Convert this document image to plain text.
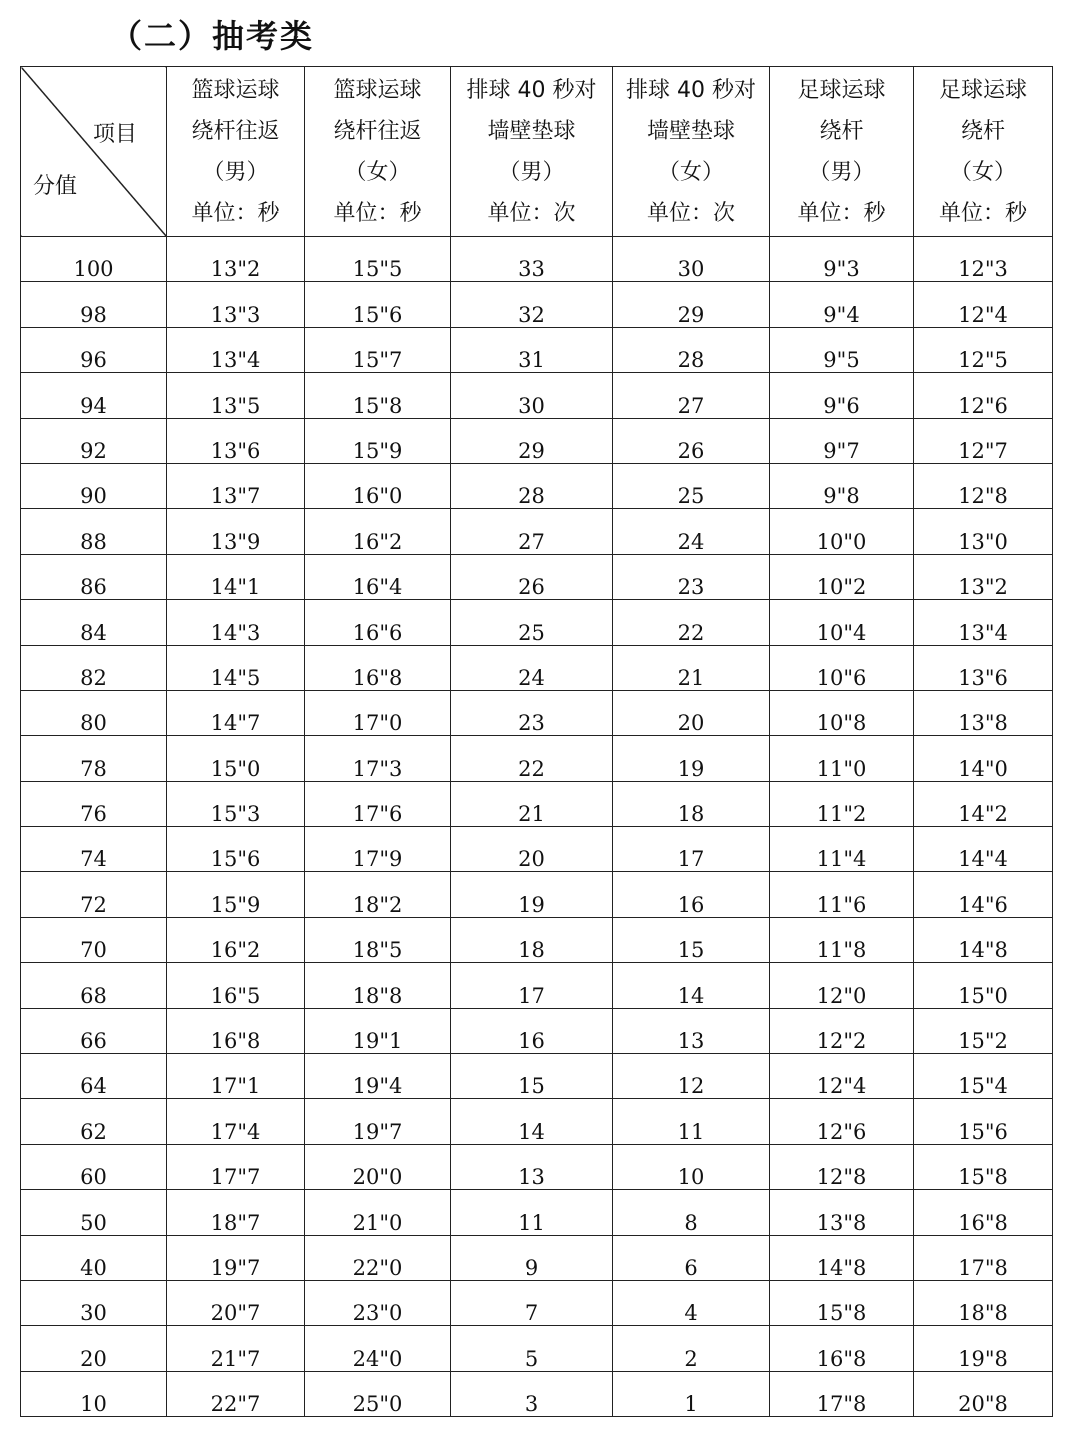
（二）抽考类
项目
分值	篮球运球
绕杆往返
（男）
单位：秒	篮球运球
绕杆往返
（女）
单位：秒	排球 40 秒对
墙壁垫球
（男）
单位：次	排球 40 秒对
墙壁垫球
（女）
单位：次	足球运球
绕杆
（男）
单位：秒	足球运球
绕杆
（女）
单位：秒

100	13"2	15"5	33	30	9"3	12"3
98	13"3	15"6	32	29	9"4	12"4
96	13"4	15"7	31	28	9"5	12"5
94	13"5	15"8	30	27	9"6	12"6
92	13"6	15"9	29	26	9"7	12"7
90	13"7	16"0	28	25	9"8	12"8
88	13"9	16"2	27	24	10"0	13"0
86	14"1	16"4	26	23	10"2	13"2
84	14"3	16"6	25	22	10"4	13"4
82	14"5	16"8	24	21	10"6	13"6
80	14"7	17"0	23	20	10"8	13"8
78	15"0	17"3	22	19	11"0	14"0
76	15"3	17"6	21	18	11"2	14"2
74	15"6	17"9	20	17	11"4	14"4
72	15"9	18"2	19	16	11"6	14"6
70	16"2	18"5	18	15	11"8	14"8
68	16"5	18"8	17	14	12"0	15"0
66	16"8	19"1	16	13	12"2	15"2
64	17"1	19"4	15	12	12"4	15"4
62	17"4	19"7	14	11	12"6	15"6
60	17"7	20"0	13	10	12"8	15"8
50	18"7	21"0	11	8	13"8	16"8
40	19"7	22"0	9	6	14"8	17"8
30	20"7	23"0	7	4	15"8	18"8
20	21"7	24"0	5	2	16"8	19"8
10	22"7	25"0	3	1	17"8	20"8
